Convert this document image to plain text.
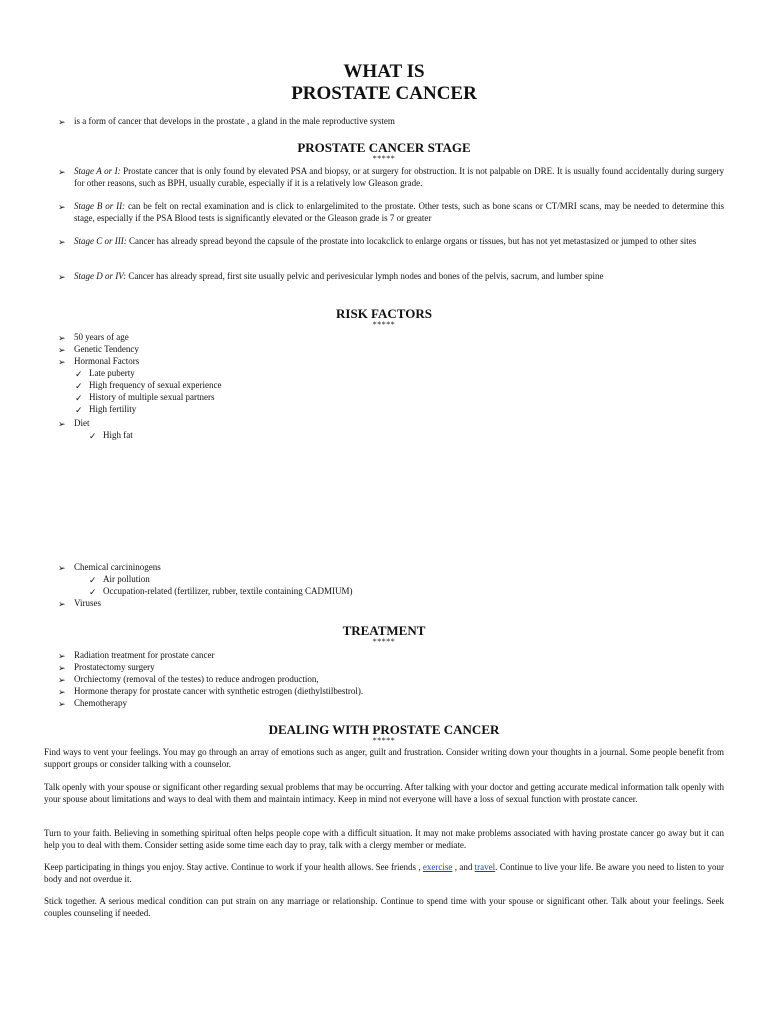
WHAT IS
PROSTATE CANCER
➢ is a form of cancer that develops in the prostate , a gland in the male reproductive system
PROSTATE CANCER STAGE
*****
➢ Stage A or I: Prostate cancer that is only found by elevated PSA and biopsy, or at surgery for obstruction. It is not palpable on DRE. It is usually found accidentally during surgery for other reasons, such as BPH, usually curable, especially if it is a relatively low Gleason grade.
➢ Stage B or II: can be felt on rectal examination and is click to enlargelimited to the prostate. Other tests, such as bone scans or CT/MRI scans, may be needed to determine this stage, especially if the PSA Blood tests is significantly elevated or the Gleason grade is 7 or greater
➢ Stage C or III: Cancer has already spread beyond the capsule of the prostate into locakclick to enlarge organs or tissues, but has not yet metastasized or jumped to other sites
➢ Stage D or IV: Cancer has already spread, first site usually pelvic and perivesicular lymph nodes and bones of the pelvis, sacrum, and lumber spine
RISK FACTORS
*****
➢ 50 years of age
➢ Genetic Tendency
➢ Hormonal Factors
✓ Late puberty
✓ High frequency of sexual experience
✓ History of multiple sexual partners
✓ High fertility
➢ Diet
✓ High fat
➢ Chemical carcininogens
✓ Air pollution
✓ Occupation-related (fertilizer, rubber, textile containing CADMIUM)
➢ Viruses
TREATMENT
*****
➢ Radiation treatment for prostate cancer
➢ Prostatectomy surgery
➢ Orchiectomy (removal of the testes) to reduce androgen production,
➢ Hormone therapy for prostate cancer with synthetic estrogen (diethylstilbestrol).
➢ Chemotherapy
DEALING WITH PROSTATE CANCER
*****
Find ways to vent your feelings. You may go through an array of emotions such as anger, guilt and frustration. Consider writing down your thoughts in a journal. Some people benefit from support groups or consider talking with a counselor.
Talk openly with your spouse or significant other regarding sexual problems that may be occurring. After talking with your doctor and getting accurate medical information talk openly with your spouse about limitations and ways to deal with them and maintain intimacy. Keep in mind not everyone will have a loss of sexual function with prostate cancer.
Turn to your faith. Believing in something spiritual often helps people cope with a difficult situation. It may not make problems associated with having prostate cancer go away but it can help you to deal with them. Consider setting aside some time each day to pray, talk with a clergy member or mediate.
Keep participating in things you enjoy. Stay active. Continue to work if your health allows. See friends , exercise , and travel. Continue to live your life. Be aware you need to listen to your body and not overdue it.
Stick together. A serious medical condition can put strain on any marriage or relationship. Continue to spend time with your spouse or significant other. Talk about your feelings. Seek couples counseling if needed.
